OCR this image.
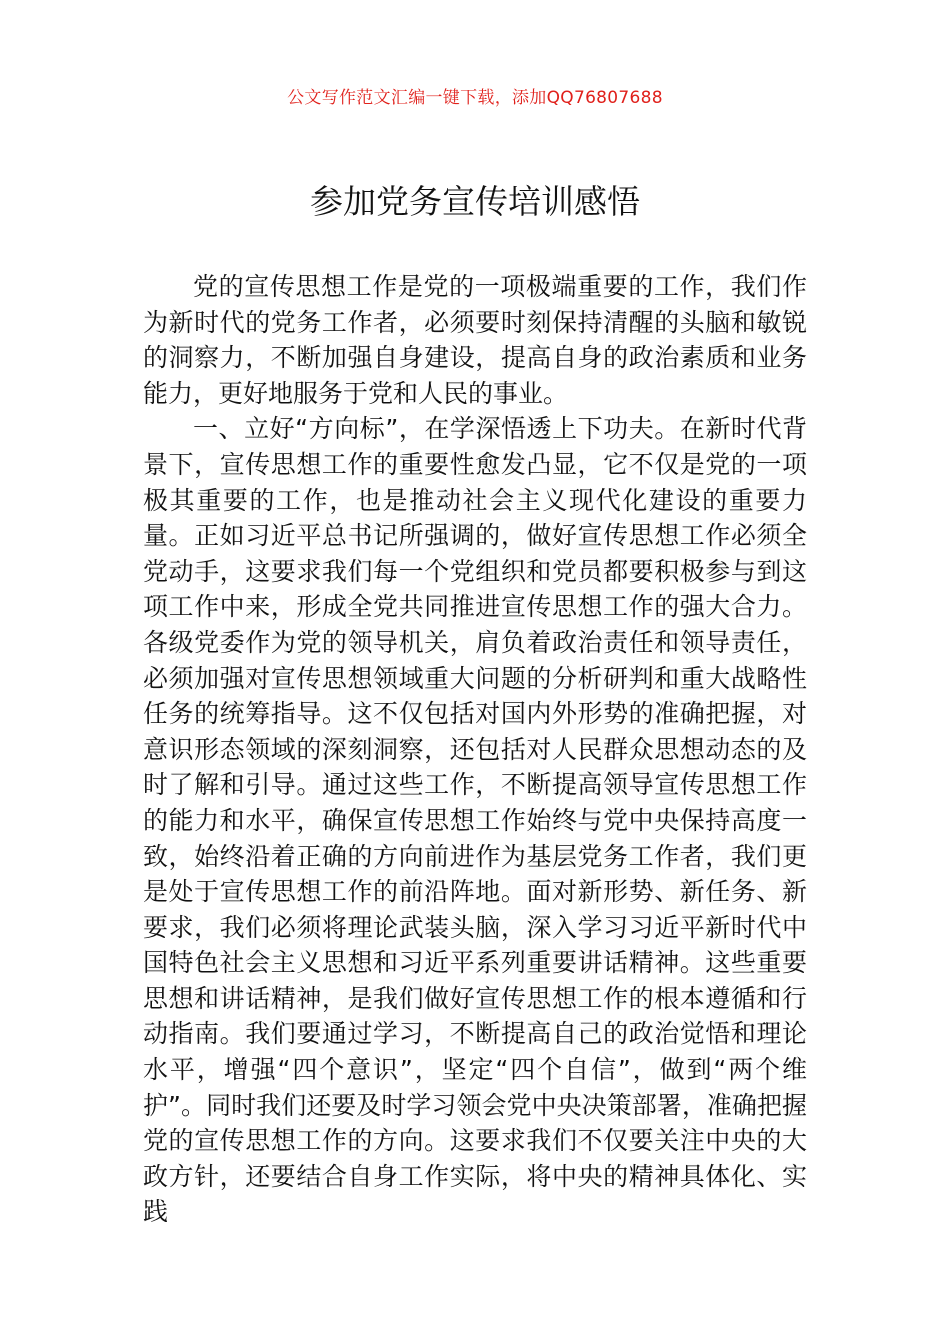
公文写作范文汇编一键下载，添加QQ76807688
参加党务宣传培训感悟

党的宣传思想工作是党的一项极端重要的工作，我们作为新时代的党务工作者，必须要时刻保持清醒的头脑和敏锐的洞察力，不断加强自身建设，提高自身的政治素质和业务能力，更好地服务于党和人民的事业。

一、立好“方向标”，在学深悟透上下功夫。在新时代背景下，宣传思想工作的重要性愈发凸显，它不仅是党的一项极其重要的工作，也是推动社会主义现代化建设的重要力量。正如习近平总书记所强调的，做好宣传思想工作必须全党动手，这要求我们每一个党组织和党员都要积极参与到这项工作中来，形成全党共同推进宣传思想工作的强大合力。各级党委作为党的领导机关，肩负着政治责任和领导责任，必须加强对宣传思想领域重大问题的分析研判和重大战略性任务的统筹指导。这不仅包括对国内外形势的准确把握，对意识形态领域的深刻洞察，还包括对人民群众思想动态的及时了解和引导。通过这些工作，不断提高领导宣传思想工作的能力和水平，确保宣传思想工作始终与党中央保持高度一致，始终沿着正确的方向前进作为基层党务工作者，我们更是处于宣传思想工作的前沿阵地。面对新形势、新任务、新要求，我们必须将理论武装头脑，深入学习习近平新时代中国特色社会主义思想和习近平系列重要讲话精神。这些重要思想和讲话精神，是我们做好宣传思想工作的根本遵循和行动指南。我们要通过学习，不断提高自己的政治觉悟和理论水平，增强“四个意识”，坚定“四个自信”，做到“两个维护”。同时我们还要及时学习领会党中央决策部署，准确把握党的宣传思想工作的方向。这要求我们不仅要关注中央的大政方针，还要结合自身工作实际，将中央的精神具体化、实践
